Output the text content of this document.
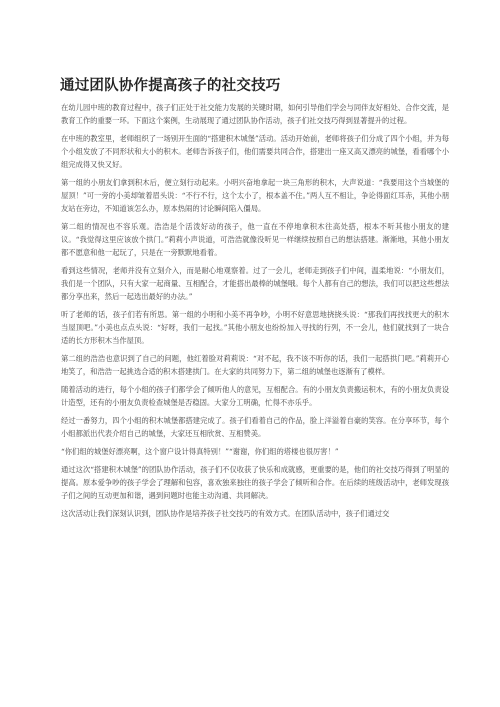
通过团队协作提高孩子的社交技巧

在幼儿园中班的教育过程中，孩子们正处于社交能力发展的关键时期，如何引导他们学会与同伴友好相处、合作交流，是教育工作的重要一环。下面这个案例，生动展现了通过团队协作活动，孩子们社交技巧得到显著提升的过程。

在中班的教室里，老师组织了一场别开生面的“搭建积木城堡”活动。活动开始前，老师将孩子们分成了四个小组，并为每个小组发放了不同形状和大小的积木。老师告诉孩子们，他们需要共同合作，搭建出一座又高又漂亮的城堡，看看哪个小组完成得又快又好。

第一组的小朋友们拿到积木后，便立刻行动起来。小明兴奋地拿起一块三角形的积木，大声说道：“我要用这个当城堡的屋顶！”可一旁的小美却皱着眉头说：“不行不行，这个太小了，根本盖不住。”两人互不相让，争论得面红耳赤，其他小朋友站在旁边，不知道该怎么办，原本热闹的讨论瞬间陷入僵局。

第二组的情况也不容乐观。浩浩是个活泼好动的孩子，他一直在不停地拿积木往高处搭，根本不听其他小朋友的建议。“我觉得这里应该放个拱门。”莉莉小声说道，可浩浩就像没听见一样继续按照自己的想法搭建。渐渐地，其他小朋友都不愿意和他一起玩了，只是在一旁默默地看着。

看到这些情况，老师并没有立刻介入，而是耐心地观察着。过了一会儿，老师走到孩子们中间，温柔地说：“小朋友们，我们是一个团队，只有大家一起商量、互相配合，才能搭出最棒的城堡哦。每个人都有自己的想法，我们可以把这些想法都分享出来，然后一起选出最好的办法。”

听了老师的话，孩子们若有所思。第一组的小明和小美不再争吵，小明不好意思地挠挠头说：“那我们再找找更大的积木当屋顶吧。”小美也点点头说：“好呀，我们一起找。”其他小朋友也纷纷加入寻找的行列，不一会儿，他们就找到了一块合适的长方形积木当作屋顶。

第二组的浩浩也意识到了自己的问题，他红着脸对莉莉说：“对不起，我不该不听你的话，我们一起搭拱门吧。”莉莉开心地笑了，和浩浩一起挑选合适的积木搭建拱门。在大家的共同努力下，第二组的城堡也逐渐有了模样。

随着活动的进行，每个小组的孩子们都学会了倾听他人的意见，互相配合。有的小朋友负责搬运积木，有的小朋友负责设计造型，还有的小朋友负责检查城堡是否稳固。大家分工明确，忙得不亦乐乎。

经过一番努力，四个小组的积木城堡都搭建完成了。孩子们看着自己的作品，脸上洋溢着自豪的笑容。在分享环节，每个小组都派出代表介绍自己的城堡，大家还互相欣赏、互相赞美。

“你们组的城堡好漂亮啊，这个窗户设计得真特别！”“谢谢，你们组的塔楼也很厉害！”

通过这次“搭建积木城堡”的团队协作活动，孩子们不仅收获了快乐和成就感，更重要的是，他们的社交技巧得到了明显的提高。原本爱争吵的孩子学会了理解和包容，喜欢独来独往的孩子学会了倾听和合作。在后续的班级活动中，老师发现孩子们之间的互动更加和谐，遇到问题时也能主动沟通、共同解决。

这次活动让我们深刻认识到，团队协作是培养孩子社交技巧的有效方式。在团队活动中，孩子们通过交
